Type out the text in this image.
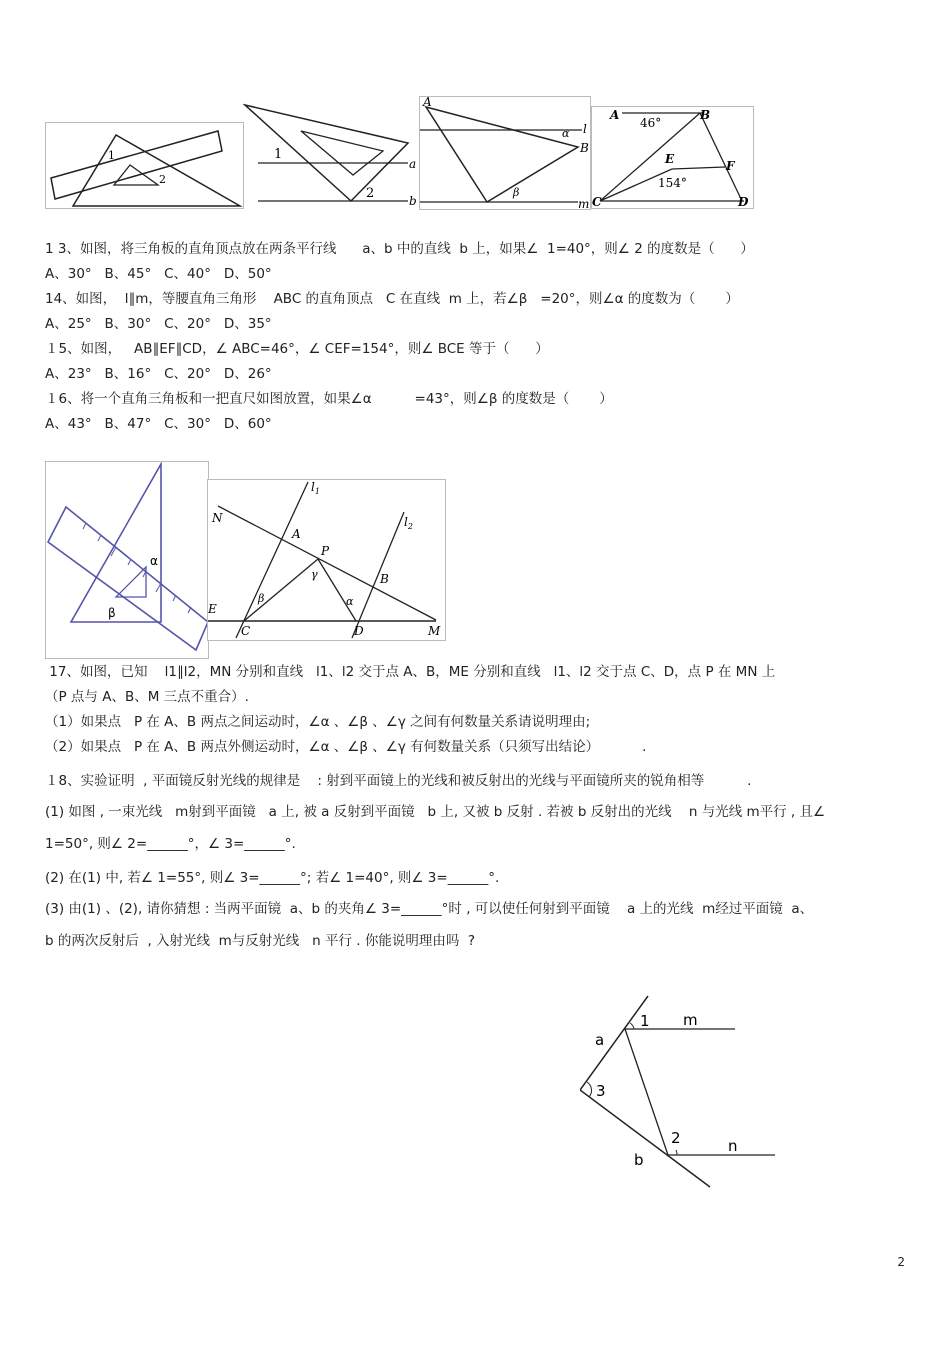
1
2
1
2
a
b
A
l
α
B
β
m
A
46°
B
E	F
154°
C	D
1 3、如图，将三角板的直角顶点放在两条平行线      a、b 中的直线  b 上，如果∠  1=40°，则∠ 2 的度数是（      ）
A、30°   B、45°   C、40°   D、50°
14、如图，  l∥m，等腰直角三角形    ABC 的直角顶点   C 在直线  m 上，若∠β   =20°，则∠α 的度数为（       ）
A、25°   B、30°   C、20°   D、35°
１5、如图，   AB∥EF∥CD，∠ ABC=46°，∠ CEF=154°，则∠ BCE 等于（      ）
A、23°   B、16°   C、20°   D、26°
１6、将一个直角三角板和一把直尺如图放置，如果∠α          =43°，则∠β 的度数是（       ）
A、43°   B、47°   C、30°   D、60°
α
β
$l_1$
$l_2$
N
A
P
γ	B
β	α
E
C	D	M
17、如图，已知    l1∥l2，MN 分别和直线   l1、l2 交于点 A、B，ME 分别和直线   l1、l2 交于点 C、D，点 P 在 MN 上
（P 点与 A、B、M 三点不重合）.
（1）如果点   P 在 A、B 两点之间运动时，∠α 、∠β 、∠γ 之间有何数量关系请说明理由;
（2）如果点   P 在 A、B 两点外侧运动时，∠α 、∠β 、∠γ 有何数量关系（只须写出结论）          .
１8、实验证明  , 平面镜反射光线的规律是    : 射到平面镜上的光线和被反射出的光线与平面镜所夹的锐角相等          .
(1) 如图 , 一束光线   m射到平面镜   a 上, 被 a 反射到平面镜   b 上, 又被 b 反射 . 若被 b 反射出的光线    n 与光线 m平行 , 且∠
1=50°, 则∠ 2=______°，∠ 3=______°.
(2) 在(1) 中, 若∠ 1=55°, 则∠ 3=______°; 若∠ 1=40°, 则∠ 3=______°.
(3) 由(1) 、(2), 请你猜想 : 当两平面镜  a、b 的夹角∠ 3=______°时 , 可以使任何射到平面镜    a 上的光线  m经过平面镜  a、
b 的两次反射后  , 入射光线  m与反射光线   n 平行 . 你能说明理由吗  ?
1 m
a
3
2	n
b
2
